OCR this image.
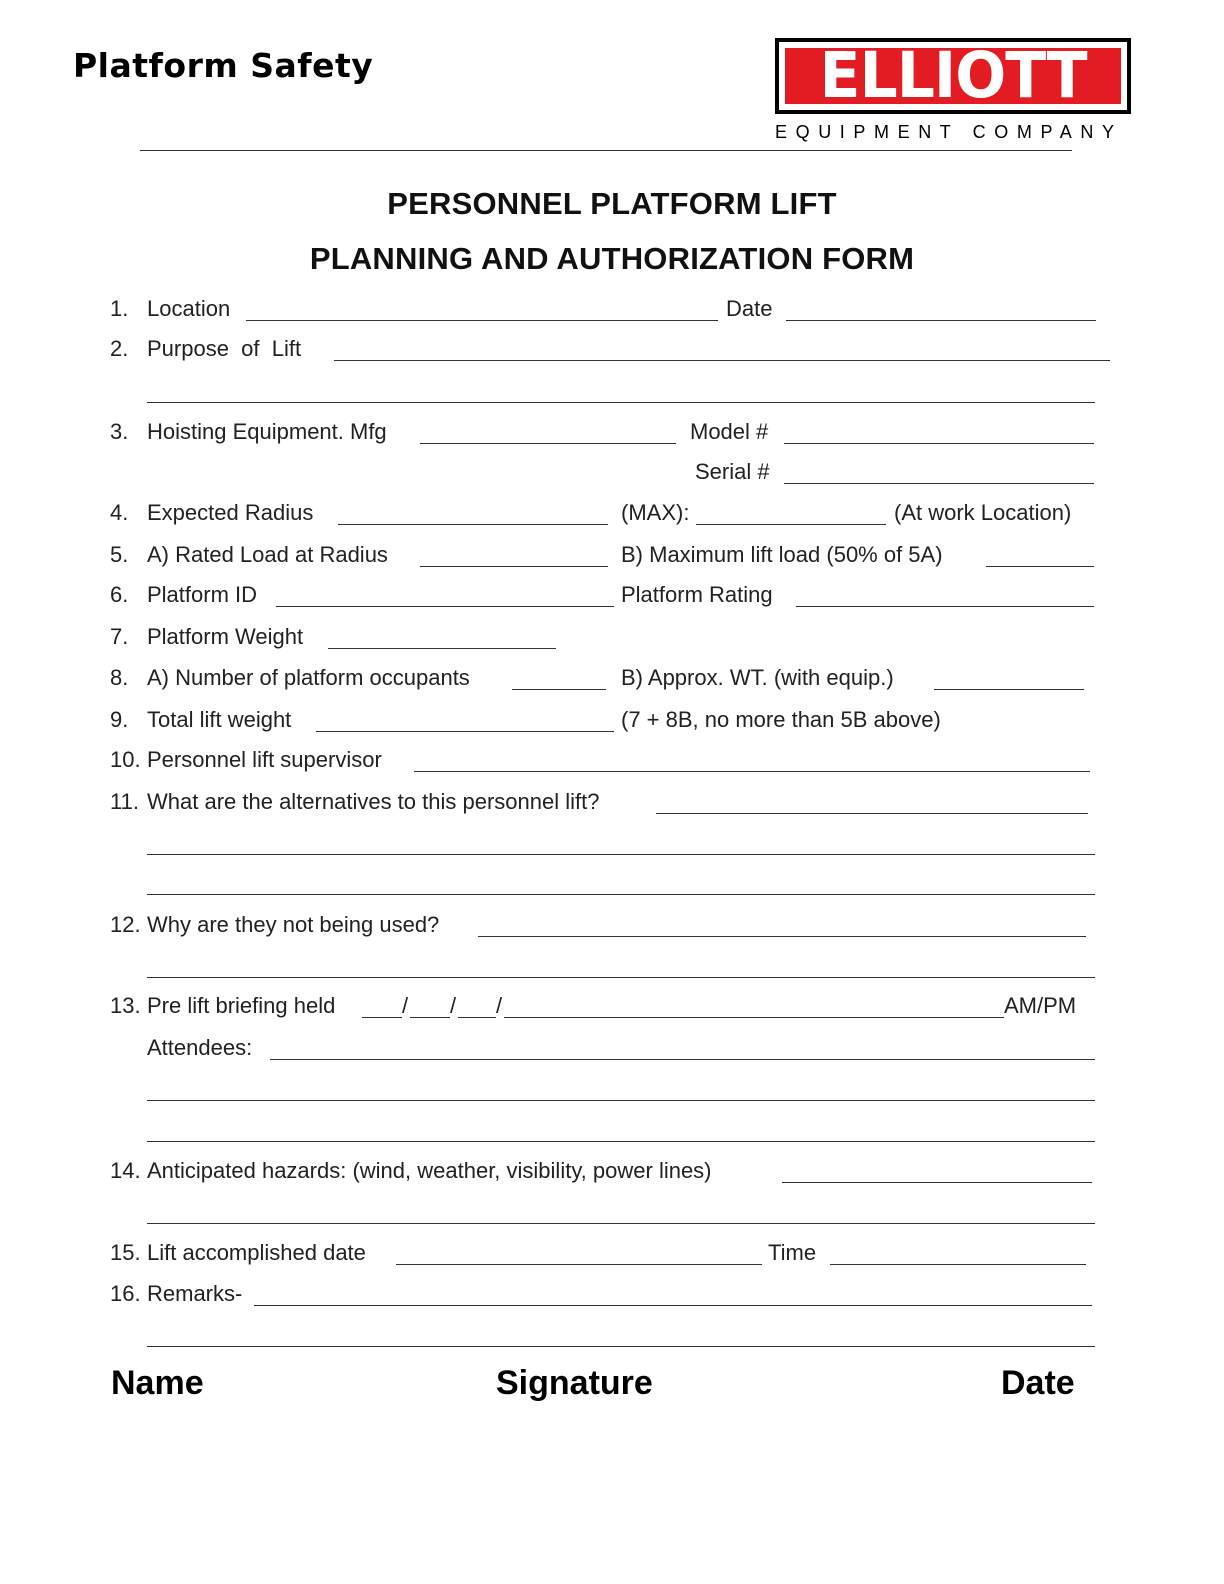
Platform Safety	ELLIOTT
EQUIPMENT COMPANY
PERSONNEL PLATFORM LIFT
PLANNING AND AUTHORIZATION FORM
1. Location	Date
2. Purpose  of  Lift
3. Hoisting Equipment. Mfg	Model #
Serial #
4. Expected Radius	(MAX):	(At work Location)
5. A) Rated Load at Radius	B) Maximum lift load (50% of 5A)
6. Platform ID	Platform Rating
7. Platform Weight
8. A) Number of platform occupants	B) Approx. WT. (with equip.)
9. Total lift weight	(7 + 8B, no more than 5B above)
10. Personnel lift supervisor
11. What are the alternatives to this personnel lift?
12. Why are they not being used?
13. Pre lift briefing held	/ / /	AM/PM
Attendees:
14. Anticipated hazards: (wind, weather, visibility, power lines)
15. Lift accomplished date	Time
16. Remarks-
Name	Signature	Date
